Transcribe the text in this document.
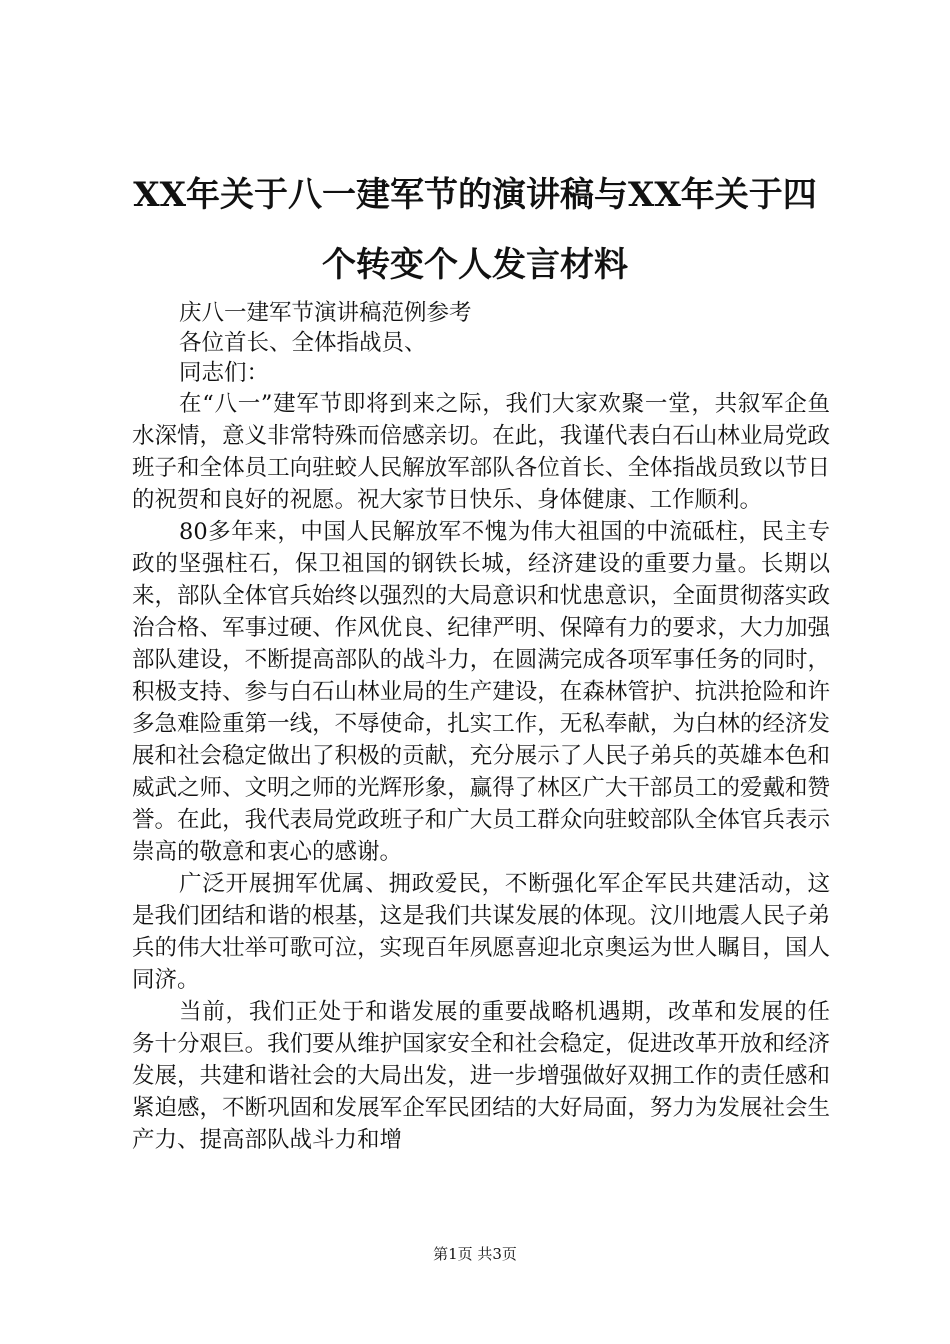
XX年关于八一建军节的演讲稿与XX年关于四个转变个人发言材料

庆八一建军节演讲稿范例参考

各位首长、全体指战员、

同志们：

在“八一”建军节即将到来之际，我们大家欢聚一堂，共叙军企鱼水深情，意义非常特殊而倍感亲切。在此，我谨代表白石山林业局党政班子和全体员工向驻蛟人民解放军部队各位首长、全体指战员致以节日的祝贺和良好的祝愿。祝大家节日快乐、身体健康、工作顺利。

80多年来，中国人民解放军不愧为伟大祖国的中流砥柱，民主专政的坚强柱石，保卫祖国的钢铁长城，经济建设的重要力量。长期以来，部队全体官兵始终以强烈的大局意识和忧患意识，全面贯彻落实政治合格、军事过硬、作风优良、纪律严明、保障有力的要求，大力加强部队建设，不断提高部队的战斗力，在圆满完成各项军事任务的同时，积极支持、参与白石山林业局的生产建设，在森林管护、抗洪抢险和许多急难险重第一线，不辱使命，扎实工作，无私奉献，为白林的经济发展和社会稳定做出了积极的贡献，充分展示了人民子弟兵的英雄本色和威武之师、文明之师的光辉形象，赢得了林区广大干部员工的爱戴和赞誉。在此，我代表局党政班子和广大员工群众向驻蛟部队全体官兵表示崇高的敬意和衷心的感谢。

广泛开展拥军优属、拥政爱民，不断强化军企军民共建活动，这是我们团结和谐的根基，这是我们共谋发展的体现。汶川地震人民子弟兵的伟大壮举可歌可泣，实现百年夙愿喜迎北京奥运为世人瞩目，国人同济。

当前，我们正处于和谐发展的重要战略机遇期，改革和发展的任务十分艰巨。我们要从维护国家安全和社会稳定，促进改革开放和经济发展，共建和谐社会的大局出发，进一步增强做好双拥工作的责任感和紧迫感，不断巩固和发展军企军民团结的大好局面，努力为发展社会生产力、提高部队战斗力和增

第1页 共3页
